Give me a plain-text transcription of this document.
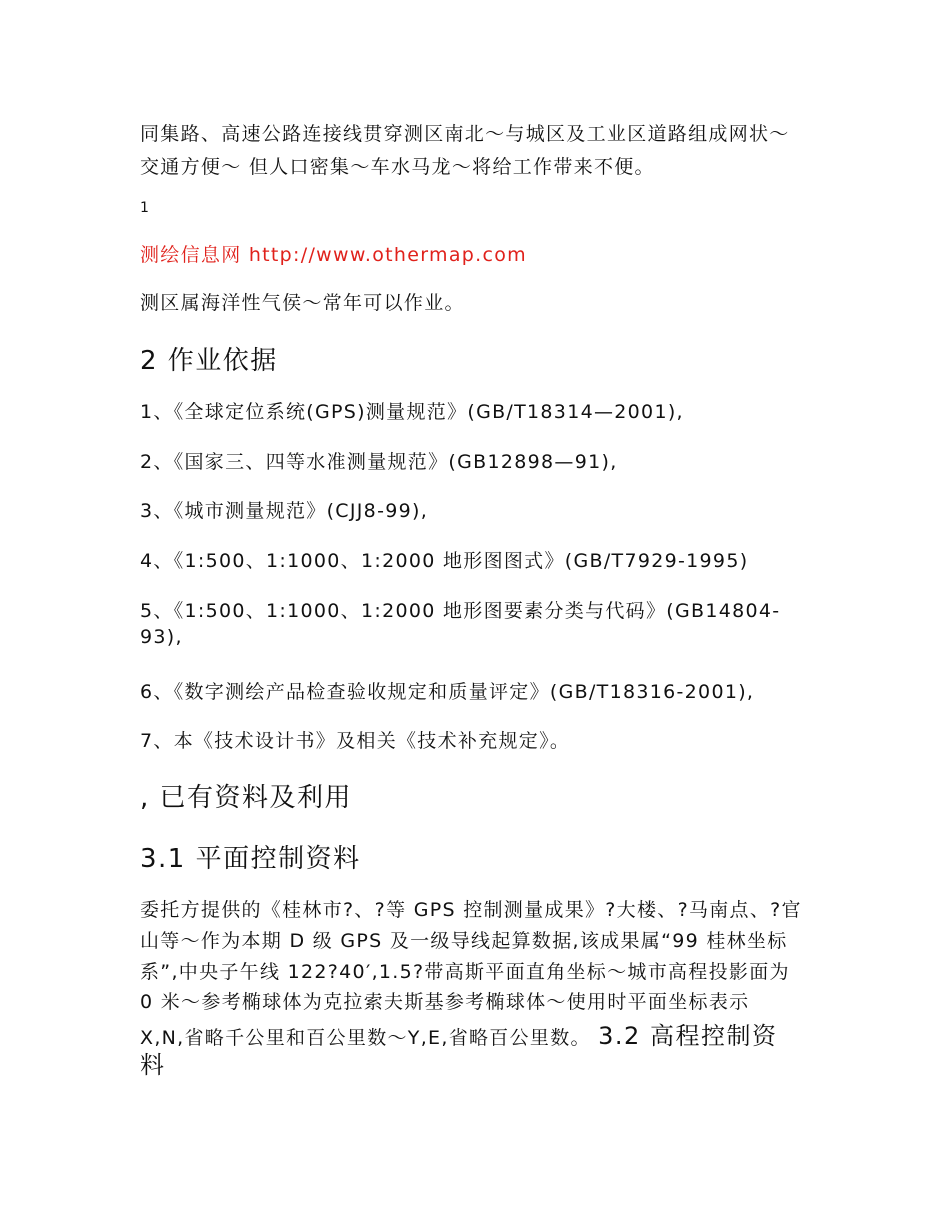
同集路、高速公路连接线贯穿测区南北～与城区及工业区道路组成网状～
交通方便～ 但人口密集～车水马龙～将给工作带来不便。
1
测绘信息网 http://www.othermap.com
测区属海洋性气侯～常年可以作业。
2 作业依据
1、《全球定位系统(GPS)测量规范》(GB/T18314—2001),
2、《国家三、四等水准测量规范》(GB12898—91),
3、《城市测量规范》(CJJ8-99),
4、《1:500、1:1000、1:2000 地形图图式》(GB/T7929-1995)
5、《1:500、1:1000、1:2000 地形图要素分类与代码》(GB14804-
93),
6、《数字测绘产品检查验收规定和质量评定》(GB/T18316-2001),
7、本《技术设计书》及相关《技术补充规定》。
, 已有资料及利用
3.1 平面控制资料
委托方提供的《桂林市?、?等 GPS 控制测量成果》?大楼、?马南点、?官
山等～作为本期 D 级 GPS 及一级导线起算数据,该成果属“99 桂林坐标
系”,中央子午线 122?40′,1.5?带高斯平面直角坐标～城市高程投影面为
0 米～参考椭球体为克拉索夫斯基参考椭球体～使用时平面坐标表示
X,N,省略千公里和百公里数～Y,E,省略百公里数。 3.2 高程控制资
料
